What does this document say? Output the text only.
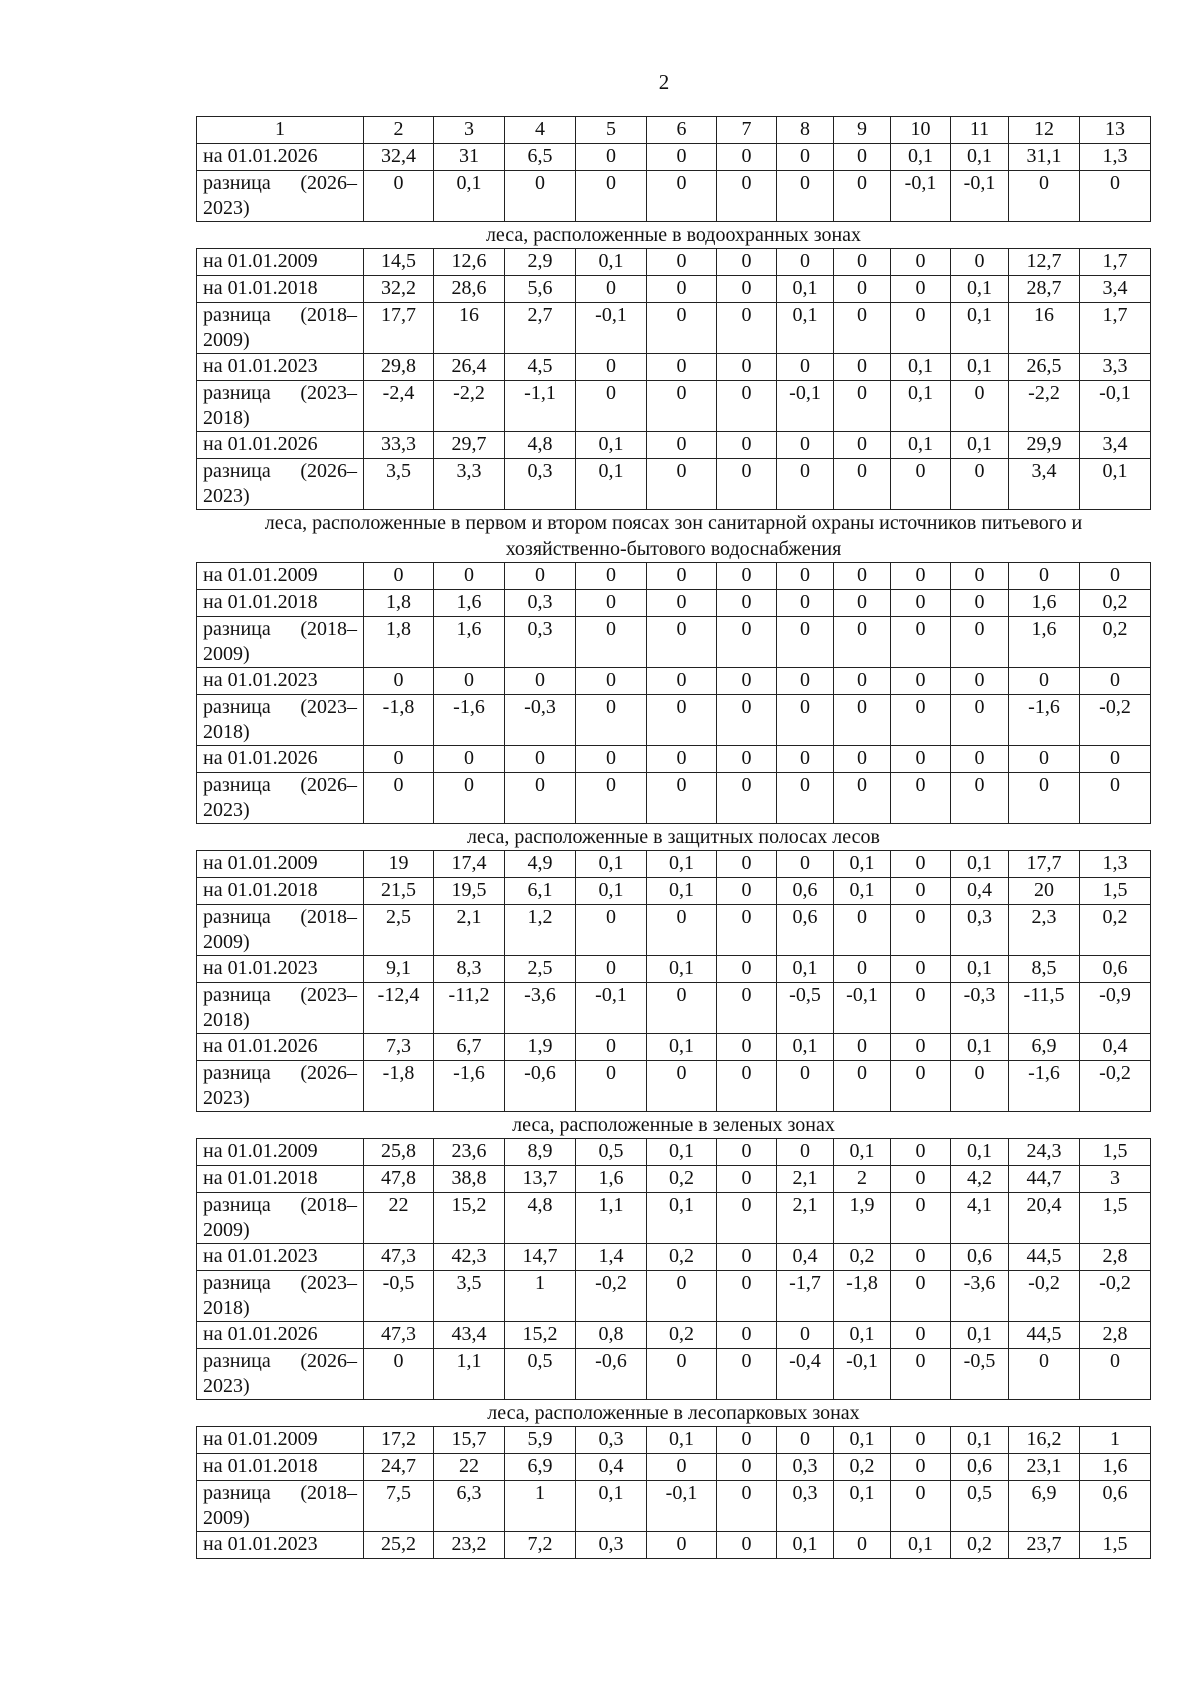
2
1	2	3	4	5	6	7	8	9	10	11	12	13
на 01.01.2026	32,4	31	6,5	0	0	0	0	0	0,1	0,1	31,1	1,3
разница (2026–2023)	0	0,1	0	0	0	0	0	0	-0,1	-0,1	0	0
леса, расположенные в водоохранных зонах												
на 01.01.2009	14,5	12,6	2,9	0,1	0	0	0	0	0	0	12,7	1,7
на 01.01.2018	32,2	28,6	5,6	0	0	0	0,1	0	0	0,1	28,7	3,4
разница (2018–2009)	17,7	16	2,7	-0,1	0	0	0,1	0	0	0,1	16	1,7
на 01.01.2023	29,8	26,4	4,5	0	0	0	0	0	0,1	0,1	26,5	3,3
разница (2023–2018)	-2,4	-2,2	-1,1	0	0	0	-0,1	0	0,1	0	-2,2	-0,1
на 01.01.2026	33,3	29,7	4,8	0,1	0	0	0	0	0,1	0,1	29,9	3,4
разница (2026–2023)	3,5	3,3	0,3	0,1	0	0	0	0	0	0	3,4	0,1
леса, расположенные в первом и втором поясах зон санитарной охраны источников питьевого и хозяйственно-бытового водоснабжения												
на 01.01.2009	0	0	0	0	0	0	0	0	0	0	0	0
на 01.01.2018	1,8	1,6	0,3	0	0	0	0	0	0	0	1,6	0,2
разница (2018–2009)	1,8	1,6	0,3	0	0	0	0	0	0	0	1,6	0,2
на 01.01.2023	0	0	0	0	0	0	0	0	0	0	0	0
разница (2023–2018)	-1,8	-1,6	-0,3	0	0	0	0	0	0	0	-1,6	-0,2
на 01.01.2026	0	0	0	0	0	0	0	0	0	0	0	0
разница (2026–2023)	0	0	0	0	0	0	0	0	0	0	0	0
леса, расположенные в защитных полосах лесов												
на 01.01.2009	19	17,4	4,9	0,1	0,1	0	0	0,1	0	0,1	17,7	1,3
на 01.01.2018	21,5	19,5	6,1	0,1	0,1	0	0,6	0,1	0	0,4	20	1,5
разница (2018–2009)	2,5	2,1	1,2	0	0	0	0,6	0	0	0,3	2,3	0,2
на 01.01.2023	9,1	8,3	2,5	0	0,1	0	0,1	0	0	0,1	8,5	0,6
разница (2023–2018)	-12,4	-11,2	-3,6	-0,1	0	0	-0,5	-0,1	0	-0,3	-11,5	-0,9
на 01.01.2026	7,3	6,7	1,9	0	0,1	0	0,1	0	0	0,1	6,9	0,4
разница (2026–2023)	-1,8	-1,6	-0,6	0	0	0	0	0	0	0	-1,6	-0,2
леса, расположенные в зеленых зонах												
на 01.01.2009	25,8	23,6	8,9	0,5	0,1	0	0	0,1	0	0,1	24,3	1,5
на 01.01.2018	47,8	38,8	13,7	1,6	0,2	0	2,1	2	0	4,2	44,7	3
разница (2018–2009)	22	15,2	4,8	1,1	0,1	0	2,1	1,9	0	4,1	20,4	1,5
на 01.01.2023	47,3	42,3	14,7	1,4	0,2	0	0,4	0,2	0	0,6	44,5	2,8
разница (2023–2018)	-0,5	3,5	1	-0,2	0	0	-1,7	-1,8	0	-3,6	-0,2	-0,2
на 01.01.2026	47,3	43,4	15,2	0,8	0,2	0	0	0,1	0	0,1	44,5	2,8
разница (2026–2023)	0	1,1	0,5	-0,6	0	0	-0,4	-0,1	0	-0,5	0	0
леса, расположенные в лесопарковых зонах												
на 01.01.2009	17,2	15,7	5,9	0,3	0,1	0	0	0,1	0	0,1	16,2	1
на 01.01.2018	24,7	22	6,9	0,4	0	0	0,3	0,2	0	0,6	23,1	1,6
разница (2018–2009)	7,5	6,3	1	0,1	-0,1	0	0,3	0,1	0	0,5	6,9	0,6
на 01.01.2023	25,2	23,2	7,2	0,3	0	0	0,1	0	0,1	0,2	23,7	1,5
